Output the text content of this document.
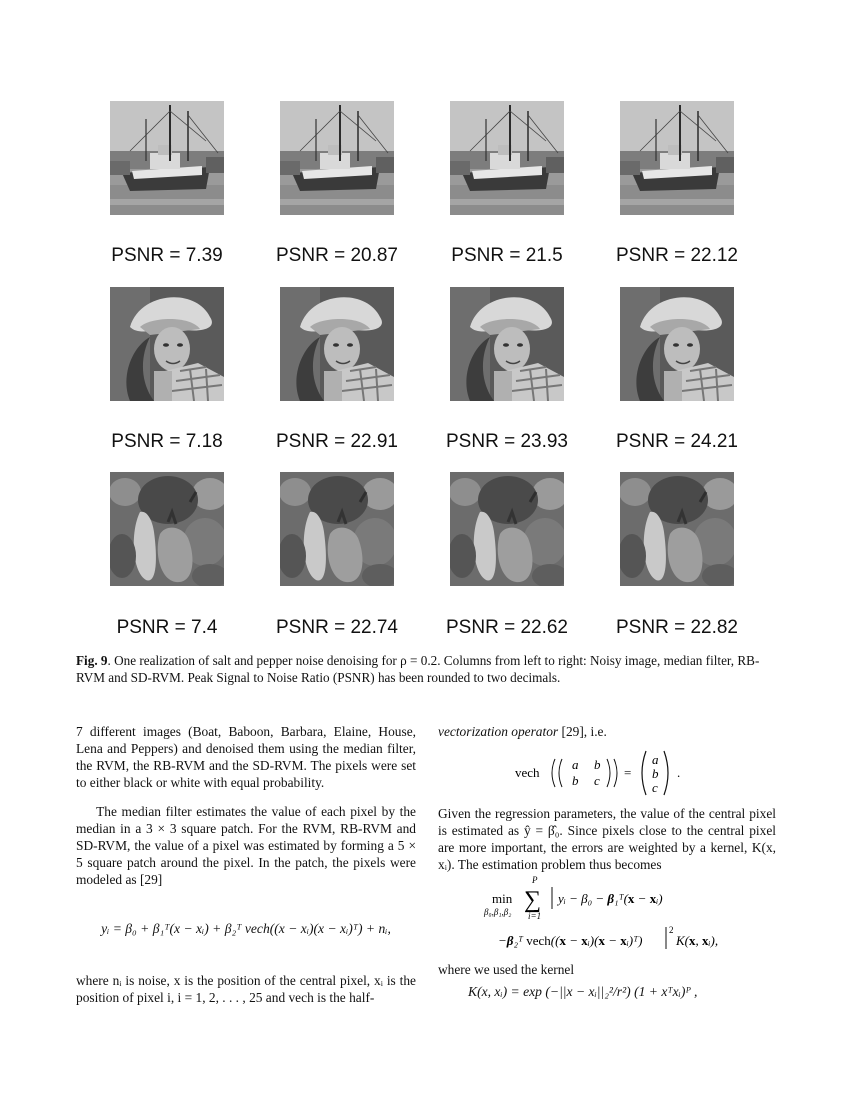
PSNR = 7.39	PSNR = 20.87	PSNR = 21.5	PSNR = 22.12
PSNR = 7.18	PSNR = 22.91	PSNR = 23.93	PSNR = 24.21
PSNR = 7.4	PSNR = 22.74	PSNR = 22.62	PSNR = 22.82
Fig. 9. One realization of salt and pepper noise denoising for ρ = 0.2. Columns from left to right: Noisy image, median filter, RB-RVM and SD-RVM. Peak Signal to Noise Ratio (PSNR) has been rounded to two decimals.

7 different images (Boat, Baboon, Barbara, Elaine, House, Lena and Peppers) and denoised them using the median filter, the RVM, the RB-RVM and the SD-RVM. The pixels were set to either black or white with equal probability.

The median filter estimates the value of each pixel by the median in a 3 × 3 square patch. For the RVM, RB-RVM and SD-RVM, the value of a pixel was estimated by forming a 5 × 5 square patch around the pixel. In the patch, the pixels were modeled as [29]

yᵢ = β₀ + β₁ᵀ(x − xᵢ) + β₂ᵀ vech((x − xᵢ)(x − xᵢ)ᵀ) + nᵢ,

where nᵢ is noise, x is the position of the central pixel, xᵢ is the position of pixel i, i = 1, 2, . . . , 25 and vech is the half-

vectorization operator [29], i.e.

vech
a b
b c
=
a
b
c
.

Given the regression parameters, the value of the central pixel is estimated as ŷ = β̂₀. Since pixels close to the central pixel are more important, the errors are weighted by a kernel, K(x, xᵢ). The estimation problem thus becomes

min
β₀,β₁,β₂
P
∑
i=1
yᵢ − β₀ − β₁ᵀ(x − xᵢ)
−β₂ᵀ vech((x − xᵢ)(x − xᵢ)ᵀ)
2
K(x, xᵢ),

where we used the kernel

K(x, xᵢ) = exp (−||x − xᵢ||₂²/r²) (1 + xᵀxᵢ)ᴾ ,
